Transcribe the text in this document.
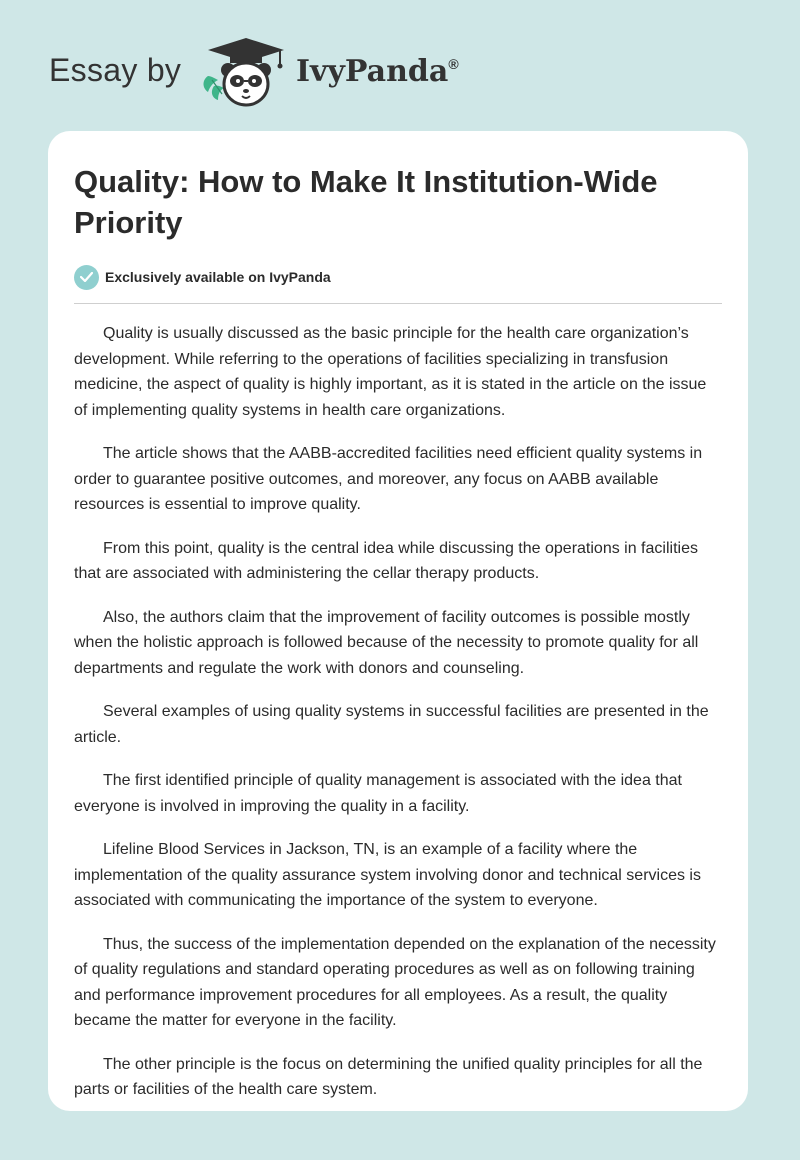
Essay by	IvyPanda®
Quality: How to Make It Institution-Wide Priority
Exclusively available on IvyPanda

Quality is usually discussed as the basic principle for the health care organization’s development. While referring to the operations of facilities specializing in transfusion medicine, the aspect of quality is highly important, as it is stated in the article on the issue of implementing quality systems in health care organizations.

The article shows that the AABB-accredited facilities need efficient quality systems in order to guarantee positive outcomes, and moreover, any focus on AABB available resources is essential to improve quality.

From this point, quality is the central idea while discussing the operations in facilities that are associated with administering the cellar therapy products.

Also, the authors claim that the improvement of facility outcomes is possible mostly when the holistic approach is followed because of the necessity to promote quality for all departments and regulate the work with donors and counseling.

Several examples of using quality systems in successful facilities are presented in the article.

The first identified principle of quality management is associated with the idea that everyone is involved in improving the quality in a facility.

Lifeline Blood Services in Jackson, TN, is an example of a facility where the implementation of the quality assurance system involving donor and technical services is associated with communicating the importance of the system to everyone.

Thus, the success of the implementation depended on the explanation of the necessity of quality regulations and standard operating procedures as well as on following training and performance improvement procedures for all employees. As a result, the quality became the matter for everyone in the facility.

The other principle is the focus on determining the unified quality principles for all the parts or facilities of the health care system.
